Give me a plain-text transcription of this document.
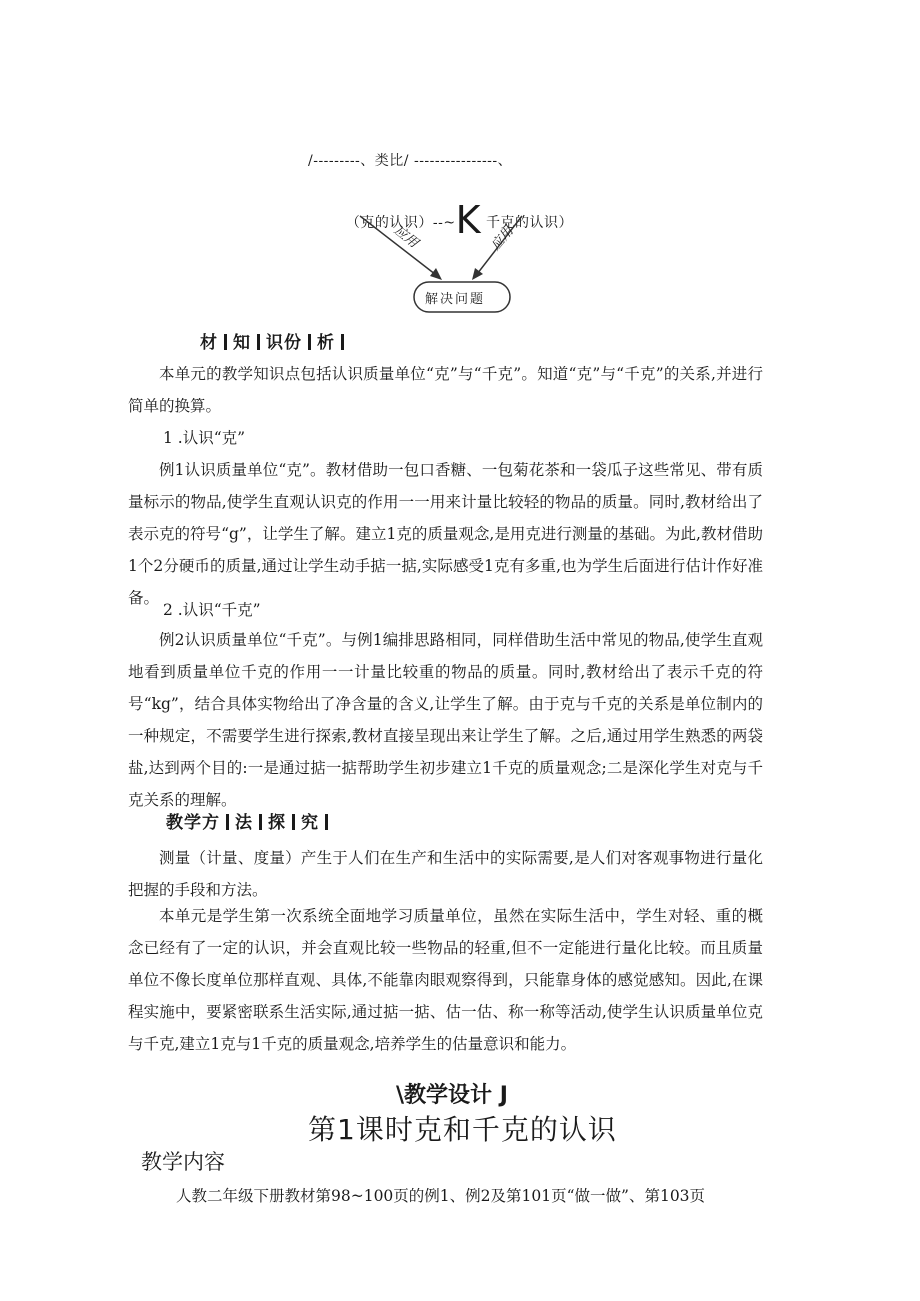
/---------、类比/ ----------------、

（克的认识）--~K 千克的认识）

应用	应用
解决问题
材 知 识份 析
本单元的教学知识点包括认识质量单位“克”与“千克”。知道“克”与“千克”的关系,并进行简单的换算。
1 .认识“克”
例1认识质量单位“克”。教材借助一包口香糖、一包菊花茶和一袋瓜子这些常见、带有质量标示的物品,使学生直观认识克的作用一一用来计量比较轻的物品的质量。同时,教材给出了表示克的符号“g”，让学生了解。建立1克的质量观念,是用克进行测量的基础。为此,教材借助1个2分硬币的质量,通过让学生动手掂一掂,实际感受1克有多重,也为学生后面进行估计作好准备。
2 .认识“千克”
例2认识质量单位“千克”。与例1编排思路相同，同样借助生活中常见的物品,使学生直观地看到质量单位千克的作用一一计量比较重的物品的质量。同时,教材给出了表示千克的符号“kg”，结合具体实物给出了净含量的含义,让学生了解。由于克与千克的关系是单位制内的一种规定，不需要学生进行探索,教材直接呈现出来让学生了解。之后,通过用学生熟悉的两袋盐,达到两个目的:一是通过掂一掂帮助学生初步建立1千克的质量观念;二是深化学生对克与千克关系的理解。
教学方 法 探 究
测量（计量、度量）产生于人们在生产和生活中的实际需要,是人们对客观事物进行量化把握的手段和方法。
本单元是学生第一次系统全面地学习质量单位，虽然在实际生活中，学生对轻、重的概念已经有了一定的认识，并会直观比较一些物品的轻重,但不一定能进行量化比较。而且质量单位不像长度单位那样直观、具体,不能靠肉眼观察得到，只能靠身体的感觉感知。因此,在课程实施中，要紧密联系生活实际,通过掂一掂、估一估、称一称等活动,使学生认识质量单位克与千克,建立1克与1千克的质量观念,培养学生的估量意识和能力。
\教学设计 J
第1课时克和千克的认识
教学内容
人教二年级下册教材第98~100页的例1、例2及第101页“做一做”、第103页
